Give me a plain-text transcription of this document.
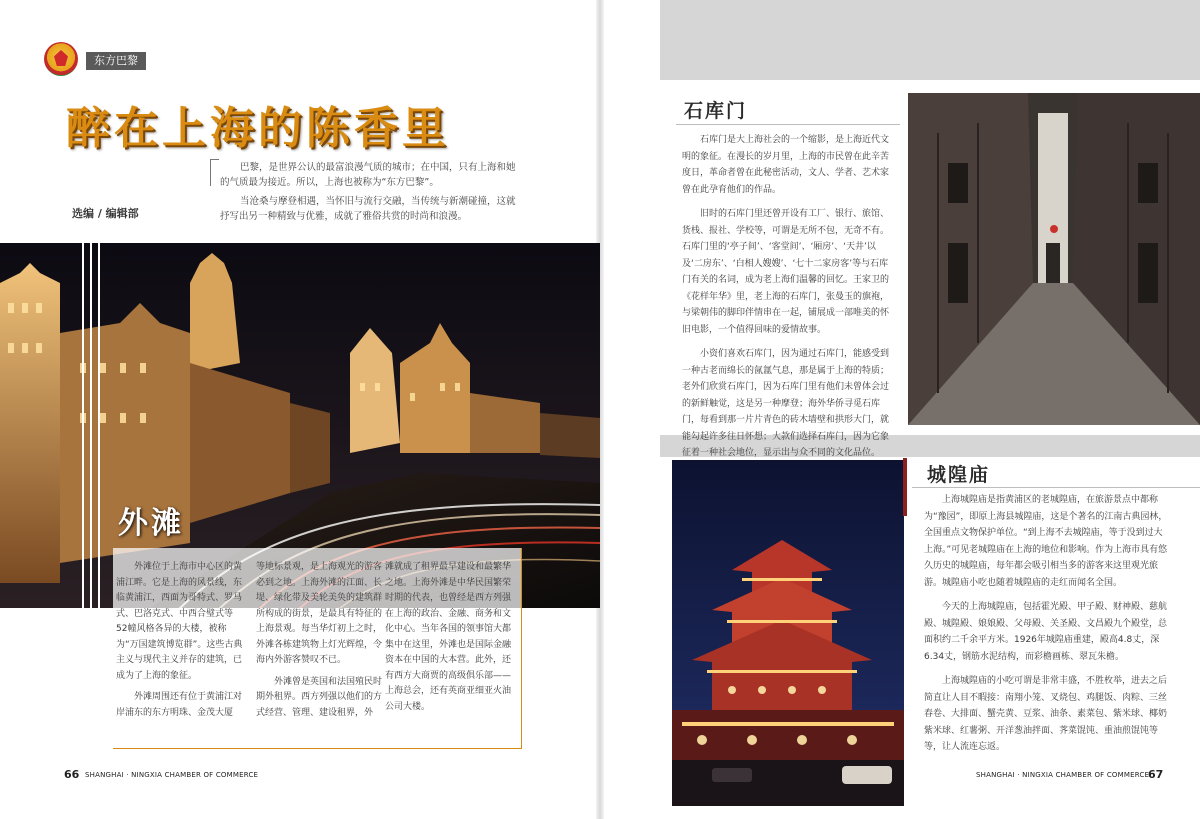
东方巴黎
醉在上海的陈香里

巴黎，是世界公认的最富浪漫气质的城市；在中国，只有上海和她的气质最为接近。所以，上海也被称为“东方巴黎”。

当沧桑与摩登相遇，当怀旧与流行交融，当传统与新潮碰撞，这就抒写出另一种精致与优雅，成就了雅俗共赏的时尚和浪漫。

选编 / 编辑部
外滩

外滩位于上海市中心区的黄浦江畔。它是上海的风景线，东临黄浦江，西面为哥特式、罗马式、巴洛克式、中西合璧式等52幢风格各异的大楼，被称为“万国建筑博览群”。这些古典主义与现代主义并存的建筑，已成为了上海的象征。

外滩周围还有位于黄浦江对岸浦东的东方明珠、金茂大厦

等地标景观，是上海观光的游客必到之地。上海外滩的江面、长堤、绿化带及美轮美奂的建筑群所构成的街景，是最具有特征的上海景观。每当华灯初上之时，外滩各栋建筑物上灯光辉煌，令海内外游客赞叹不已。

外滩曾是英国和法国殖民时期外租界。西方列强以他们的方式经营、管理、建设租界，外

滩就成了租界最早建设和最繁华之地。上海外滩是中华民国繁荣时期的代表，也曾经是西方列强在上海的政治、金融、商务和文化中心。当年各国的领事馆大都集中在这里，外滩也是国际金融资本在中国的大本营。此外，还有西方大商贾的高级俱乐部——上海总会，还有英商亚细亚火油公司大楼。

66 SHANGHAI · NINGXIA CHAMBER OF COMMERCE
石库门

石库门是大上海社会的一个缩影，是上海近代文明的象征。在漫长的岁月里，上海的市民曾在此辛苦度日，革命者曾在此秘密活动，文人、学者、艺术家曾在此孕育他们的作品。

旧时的石库门里还曾开设有工厂、银行、旅馆、货栈、报社、学校等，可谓是无所不包，无奇不有。石库门里的‘亭子间’、‘客堂间’、‘厢房’、‘天井’以及‘二房东’、‘白相人嫂嫂’、‘七十二家房客’等与石库门有关的名词，成为老上海们温馨的回忆。王家卫的《花样年华》里，老上海的石库门，张曼玉的旗袍，与梁朝伟的脚印伴情串在一起，铺展成一部唯美的怀旧电影，一个值得回味的爱情故事。

小资们喜欢石库门，因为通过石库门，能感受到一种古老而绵长的氤氲气息，那是属于上海的特质；老外们欣赏石库门，因为石库门里有他们未曾体会过的新鲜触觉，这是另一种摩登；海外华侨寻觅石库门，每看到那一片片青色的砖木墙壁和拱形大门，就能勾起许多往日怀想；大款们选择石库门，因为它象征着一种社会地位，显示出与众不同的文化品位。

城隍庙

上海城隍庙是指黄浦区的老城隍庙，在旅游景点中都称为“豫园”，即原上海县城隍庙，这是个著名的江南古典园林，全国重点文物保护单位。“到上海不去城隍庙，等于没到过大上海。”可见老城隍庙在上海的地位和影响。作为上海市具有悠久历史的城隍庙，每年都会吸引相当多的游客来这里观光旅游。城隍庙小吃也随着城隍庙的走红而闻名全国。

今天的上海城隍庙，包括霍光殿、甲子殿、财神殿、慈航殿、城隍殿、娘娘殿、父母殿、关圣殿、文昌殿九个殿堂，总面积约二千余平方米。1926年城隍庙重建，殿高4.8丈，深6.34丈，钢筋水泥结构，而彩檐画栋、翠瓦朱檐。

上海城隍庙的小吃可谓是非常丰盛，不胜枚举，进去之后简直让人目不暇接：南翔小笼、叉烧包、鸡腿饭、肉粽、三丝春卷、大排面、蟹壳黄、豆浆、油条、素菜包、紫米球、椰奶紫米球、红薯粥、开洋葱油拌面、荠菜馄饨、重油煎馄饨等等，让人流连忘返。

SHANGHAI · NINGXIA CHAMBER OF COMMERCE
67
